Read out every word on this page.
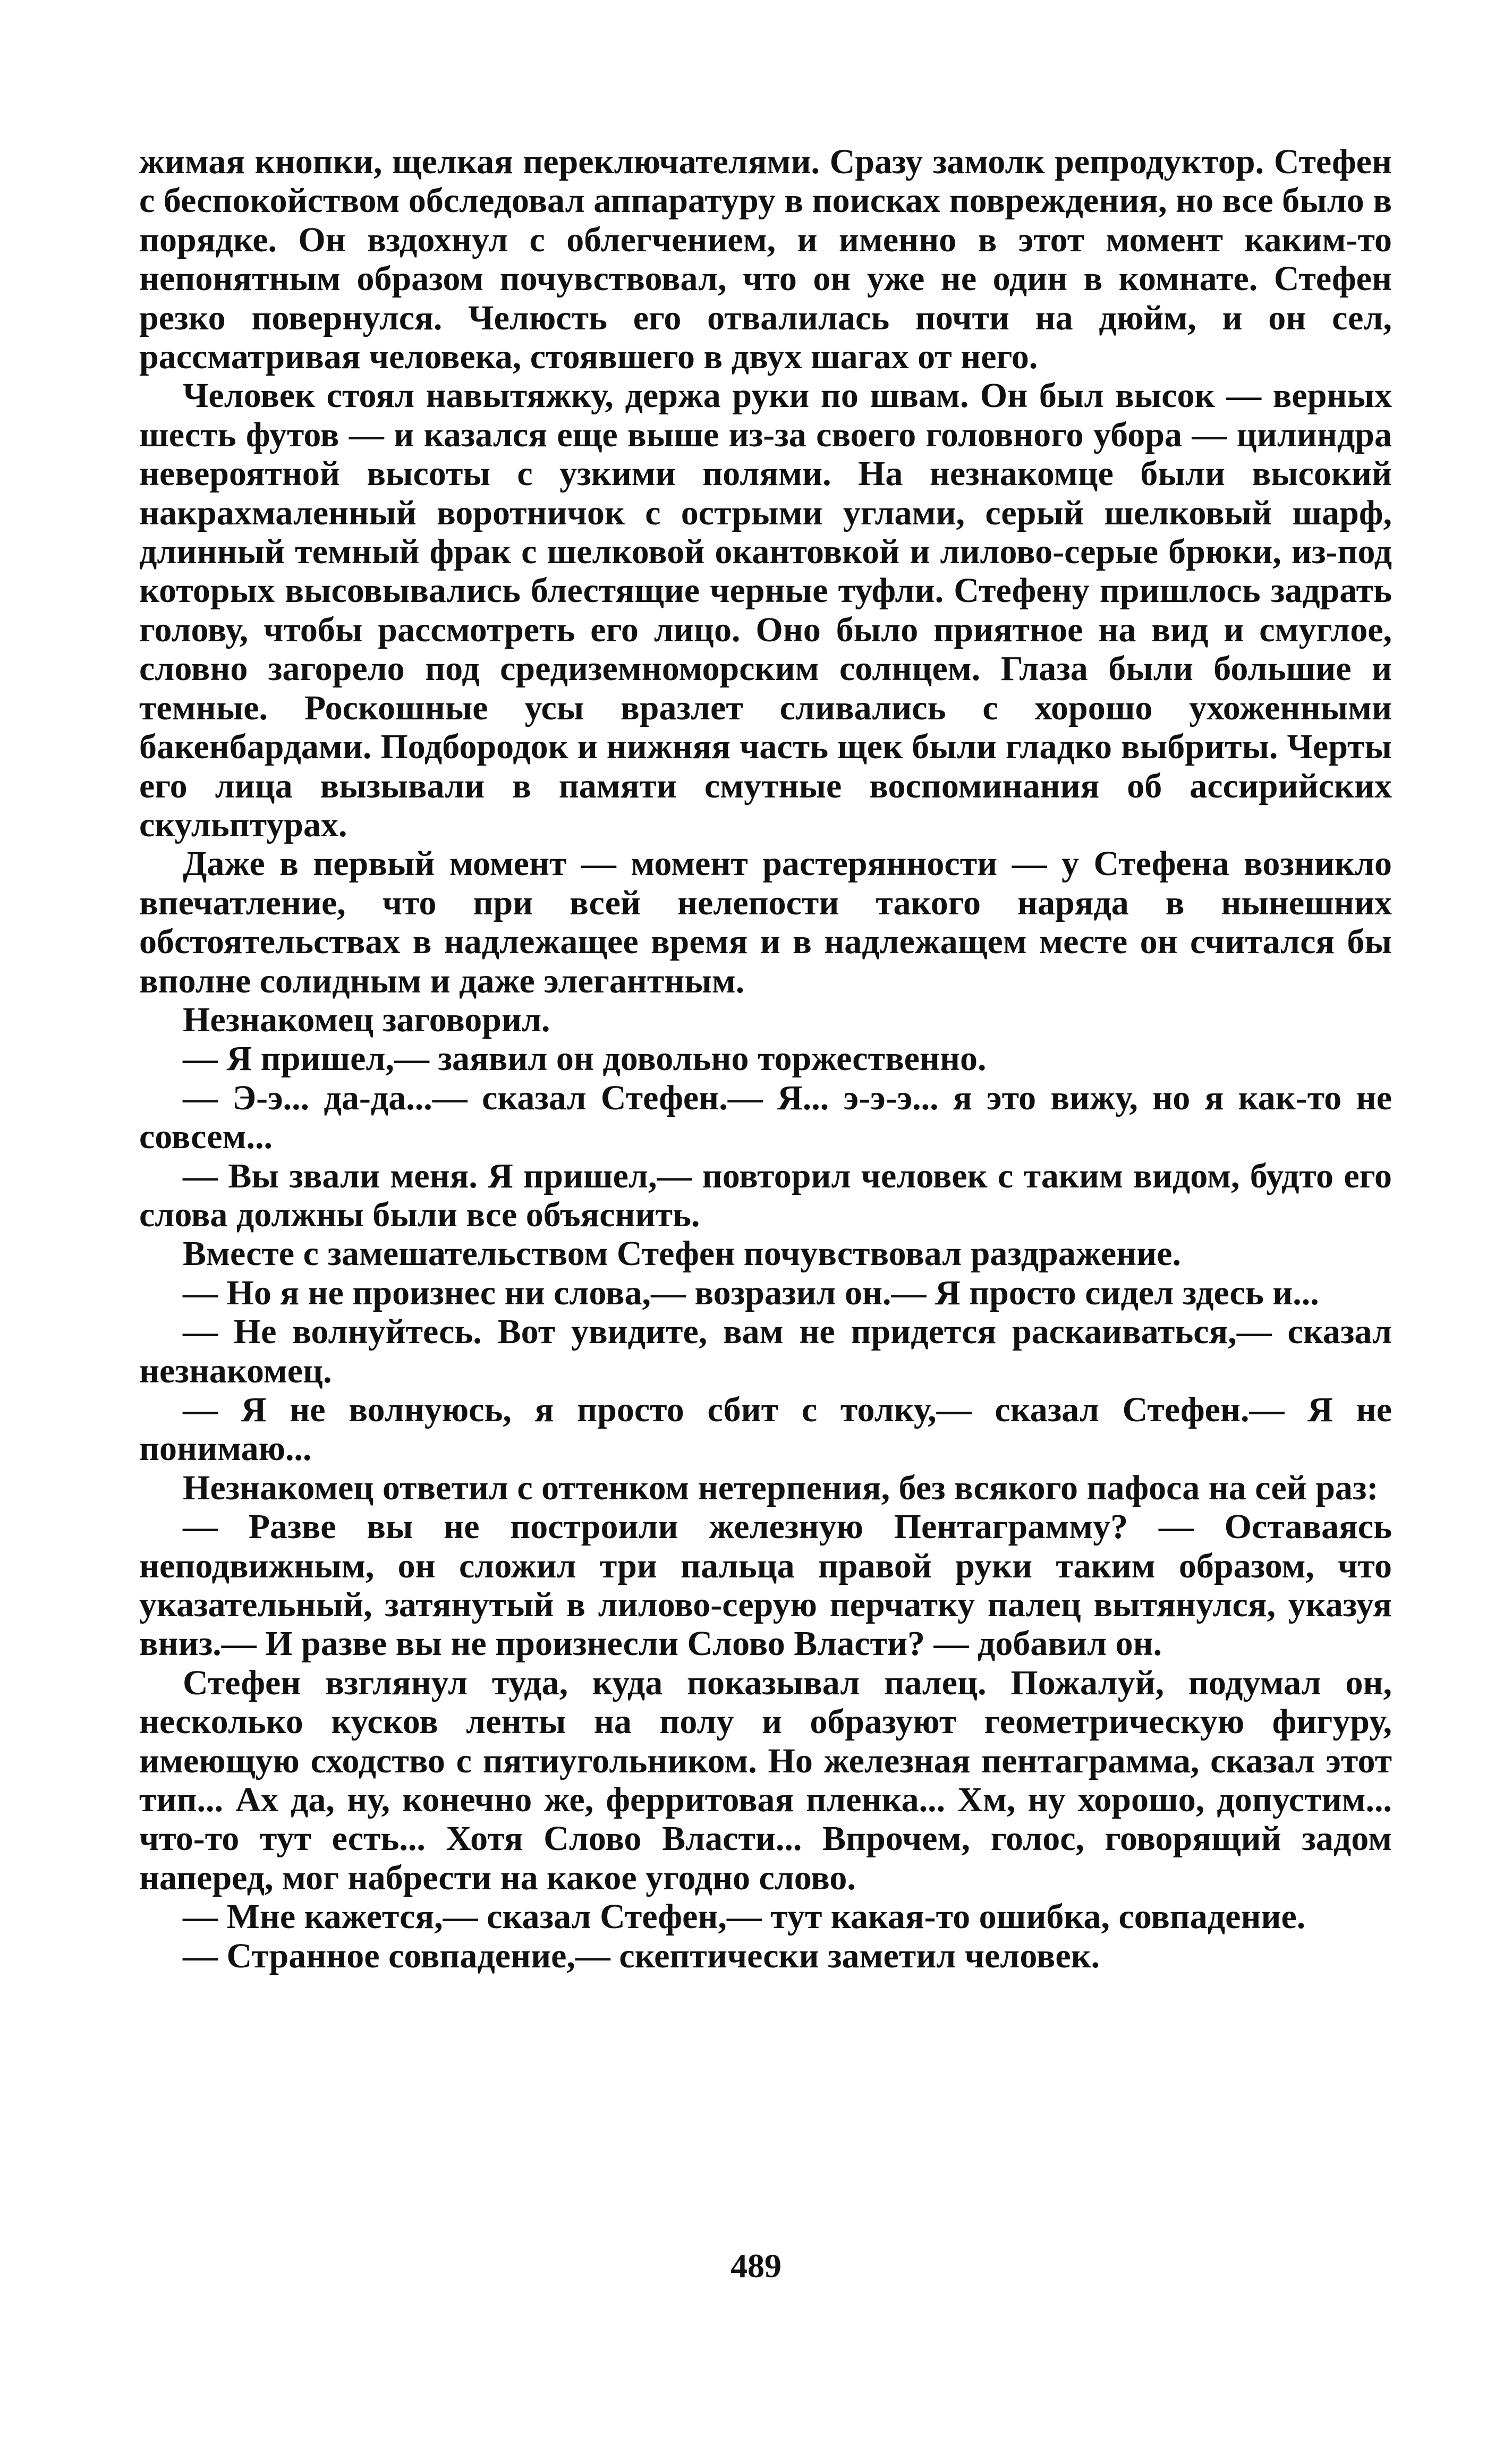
жимая кнопки, щелкая переключателями. Сразу замолк репродуктор. Стефен с беспокойством обследовал аппаратуру в поисках повреждения, но все было в порядке. Он вздохнул с облегчением, и именно в этот момент каким-то непонятным образом почувствовал, что он уже не один в комнате. Стефен резко повернулся. Челюсть его отвалилась почти на дюйм, и он сел, рассматривая человека, стоявшего в двух шагах от него.

Человек стоял навытяжку, держа руки по швам. Он был высок — верных шесть футов — и казался еще выше из-за своего головного убора — цилиндра невероятной высоты с узкими полями. На незнакомце были высокий накрахмаленный воротничок с острыми углами, серый шелковый шарф, длинный темный фрак с шелковой окантовкой и лилово-серые брюки, из-под которых высовывались блестящие черные туфли. Стефену пришлось задрать голову, чтобы рассмотреть его лицо. Оно было приятное на вид и смуглое, словно загорело под средиземноморским солнцем. Глаза были большие и темные. Роскошные усы вразлет сливались с хорошо ухоженными бакенбардами. Подбородок и нижняя часть щек были гладко выбриты. Черты его лица вызывали в памяти смутные воспоминания об ассирийских скульптурах.

Даже в первый момент — момент растерянности — у Стефена возникло впечатление, что при всей нелепости такого наряда в нынешних обстоятельствах в надлежащее время и в надлежащем месте он считался бы вполне солидным и даже элегантным.

Незнакомец заговорил.

— Я пришел,— заявил он довольно торжественно.

— Э-э... да-да...— сказал Стефен.— Я... э-э-э... я это вижу, но я как-то не совсем...

— Вы звали меня. Я пришел,— повторил человек с таким видом, будто его слова должны были все объяснить.

Вместе с замешательством Стефен почувствовал раздражение.

— Но я не произнес ни слова,— возразил он.— Я просто сидел здесь и...

— Не волнуйтесь. Вот увидите, вам не придется раскаиваться,— сказал незнакомец.

— Я не волнуюсь, я просто сбит с толку,— сказал Стефен.— Я не понимаю...

Незнакомец ответил с оттенком нетерпения, без всякого пафоса на сей раз:

— Разве вы не построили железную Пентаграмму? — Оставаясь неподвижным, он сложил три пальца правой руки таким образом, что указательный, затянутый в лилово-серую перчатку палец вытянулся, указуя вниз.— И разве вы не произнесли Слово Власти? — добавил он.

Стефен взглянул туда, куда показывал палец. Пожалуй, подумал он, несколько кусков ленты на полу и образуют геометрическую фигуру, имеющую сходство с пятиугольником. Но железная пентаграмма, сказал этот тип... Ах да, ну, конечно же, ферритовая пленка... Хм, ну хорошо, допустим... что-то тут есть... Хотя Слово Власти... Впрочем, голос, говорящий задом наперед, мог набрести на какое угодно слово.

— Мне кажется,— сказал Стефен,— тут какая-то ошибка, совпадение.

— Странное совпадение,— скептически заметил человек.

489
